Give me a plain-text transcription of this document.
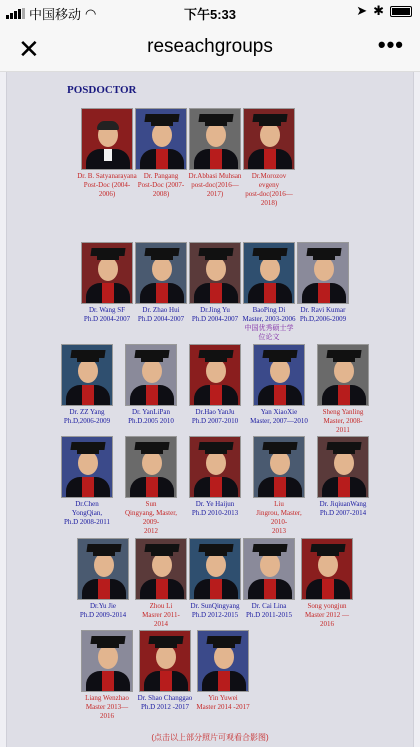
中国移动 ◠	下午5:33	➤ ✱
✕	reseachgroups	•••
POSDOCTOR
Dr. B. Satyanarayana
Post-Doc (2004-2006)
Dr. Pangang
Post-Doc (2007-
2008)
Dr.Abbasi Muhsan
post-doc(2016—
2017)
Dr.Morozov
evgeny
post-doc(2016—
2018)
Dr. Wang SF
Ph.D 2004-2007
Dr. Zhao Hui
Ph.D 2004-2007
Dr.Jing Yu
Ph.D 2004-2007
BaoPing Di
Master, 2003-2006
中国优秀硕士学
位论文
Dr. Ravi Kumar
Ph.D,2006-2009
Dr. ZZ Yang
Ph.D,2006-2009
Dr. YanLiPan
Ph.D.2005 2010
Dr.Hao YanJu
Ph.D 2007-2010
Yan XiaoXie
Master, 2007—2010
Sheng Yanling
Master, 2008-
2011
Dr.Chen
YongQian,
Ph.D 2008-2011
Sun
Qingyang, Master, 2009-
2012
Dr. Ye Haijun
Ph.D 2010-2013
Liu
Jingrou, Master, 2010-
2013
Dr. JiqiuanWang
Ph.D 2007-2014
Dr.Yu Jie
Ph.D 2009-2014
Zhou Li
Masrer 2011-
2014
Dr. SunQingyang
Ph.D 2012-2015
Dr. Cai Lina
Ph.D 2011-2015
Song yongjun
Master 2012 —
2016
Liang Wenzhao
Master 2013—
2016
Dr. Shao Changgao
Ph.D 2012 -2017
Yin Yuwei
Master 2014 -2017
(点击以上部分照片可观看合影图)
